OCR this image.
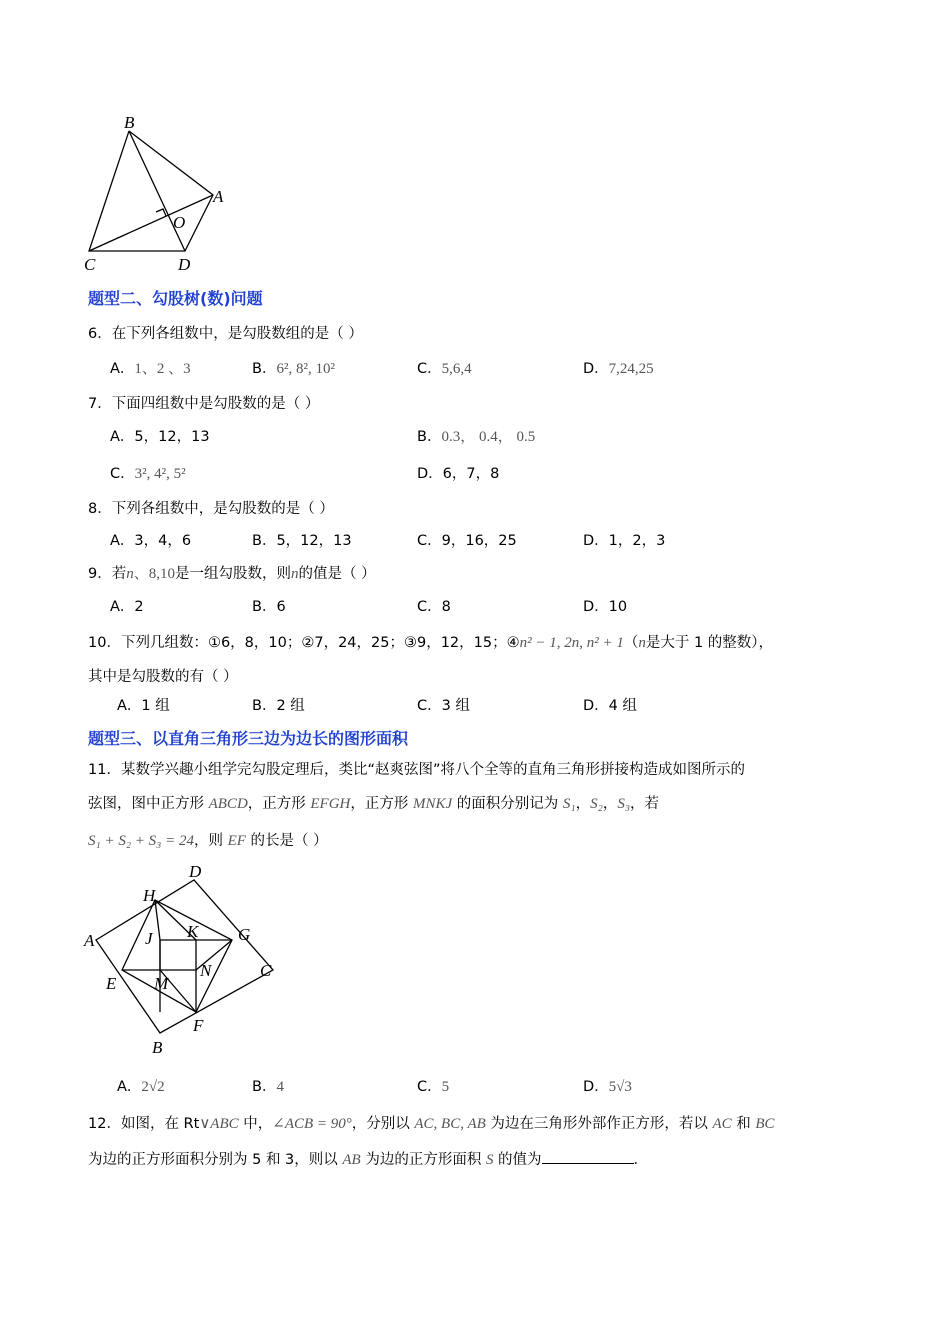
B
A
O
C	D
题型二、勾股树(数)问题
6．在下列各组数中，是勾股数组的是（ ）
A．1、2 、3	B．6², 8², 10²	C．5,6,4	D．7,24,25
7．下面四组数中是勾股数的是（ ）
A．5，12，13	B．0.3， 0.4， 0.5
C．3², 4², 5²	D．6，7，8
8．下列各组数中，是勾股数的是（ ）
A．3，4，6	B．5，12，13	C．9，16，25	D．1，2，3
9．若n、8,10是一组勾股数，则n的值是（ ）
A．2	B．6	C．8	D．10
10．下列几组数：①6，8，10；②7，24，25；③9，12，15；④n² − 1, 2n, n² + 1（n是大于 1 的整数），
其中是勾股数的有（ ）
A．1 组	B．2 组	C．3 组	D．4 组
题型三、以直角三角形三边为边长的图形面积
11．某数学兴趣小组学完勾股定理后，类比“赵爽弦图”将八个全等的直角三角形拼接构造成如图所示的
弦图，图中正方形 ABCD，正方形 EFGH，正方形 MNKJ 的面积分别记为 S₁，S₂，S₃，若
S₁ + S₂ + S₃ = 24，则 EF 的长是（ ）
D
H
A	J K G
N	C
E M
F
B
A．2√2	B．4	C．5	D．5√3
12．如图，在 Rt∨ABC 中，∠ACB = 90°，分别以 AC, BC, AB 为边在三角形外部作正方形，若以 AC 和 BC
为边的正方形面积分别为 5 和 3，则以 AB 为边的正方形面积 S 的值为	．
